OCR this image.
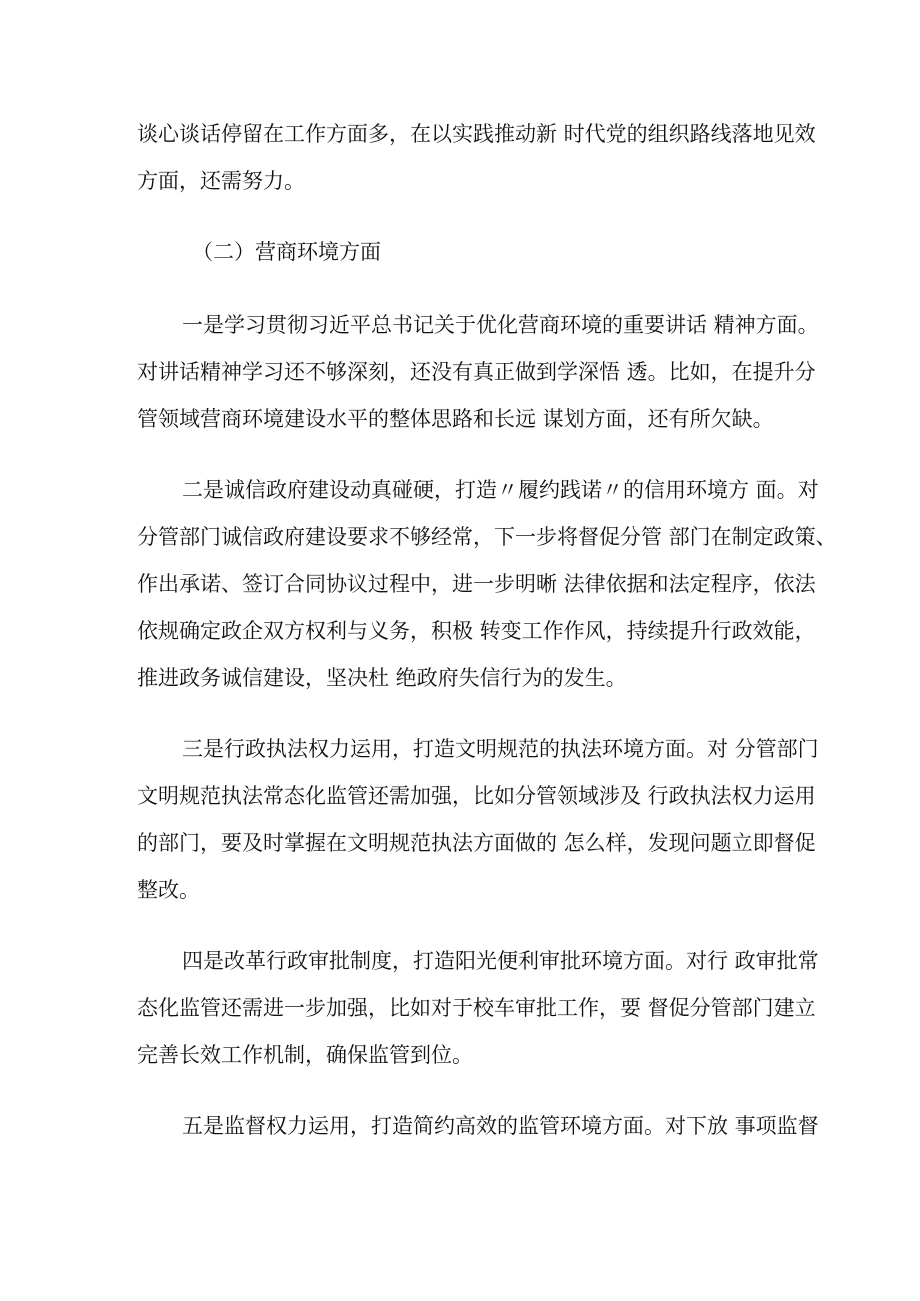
谈心谈话停留在工作方面多，在以实践推动新 时代党的组织路线落地见效
方面，还需努力。
（二）营商环境方面
一是学习贯彻习近平总书记关于优化营商环境的重要讲话 精神方面。
对讲话精神学习还不够深刻，还没有真正做到学深悟 透。比如，在提升分
管领域营商环境建设水平的整体思路和长远 谋划方面，还有所欠缺。
二是诚信政府建设动真碰硬，打造〃履约践诺〃的信用环境方 面。对
分管部门诚信政府建设要求不够经常，下一步将督促分管 部门在制定政策、
作出承诺、签订合同协议过程中，进一步明晰 法律依据和法定程序，依法
依规确定政企双方权利与义务，积极 转变工作作风，持续提升行政效能，
推进政务诚信建设，坚决杜 绝政府失信行为的发生。
三是行政执法权力运用，打造文明规范的执法环境方面。对 分管部门
文明规范执法常态化监管还需加强，比如分管领域涉及 行政执法权力运用
的部门，要及时掌握在文明规范执法方面做的 怎么样，发现问题立即督促
整改。
四是改革行政审批制度，打造阳光便利审批环境方面。对行 政审批常
态化监管还需进一步加强，比如对于校车审批工作，要 督促分管部门建立
完善长效工作机制，确保监管到位。
五是监督权力运用，打造简约高效的监管环境方面。对下放 事项监督
